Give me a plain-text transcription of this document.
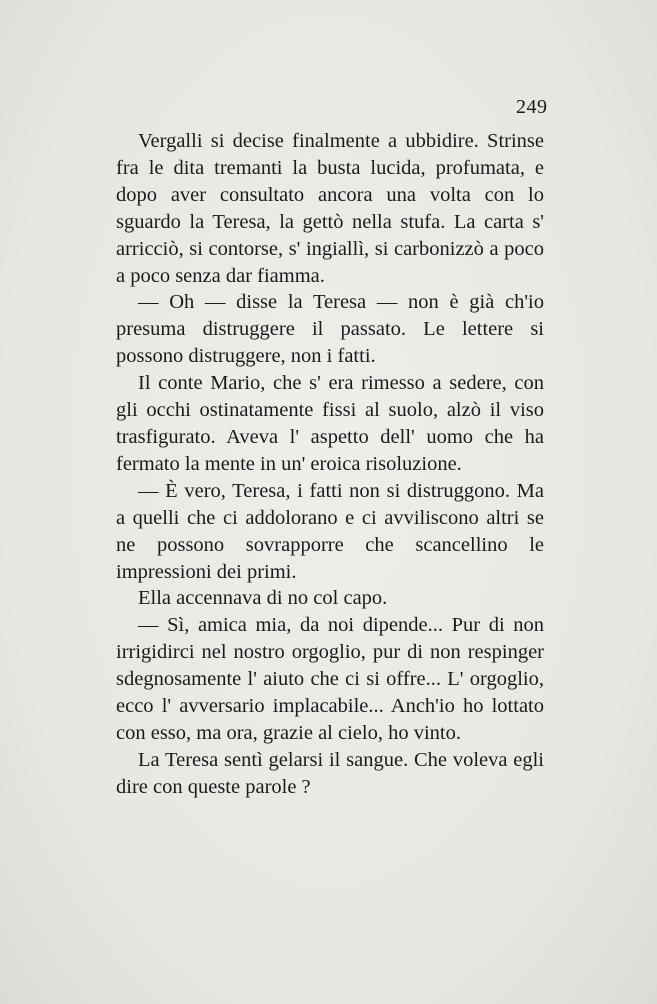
249

Vergalli si decise finalmente a ubbidire. Strinse fra le dita tremanti la busta lucida, profumata, e dopo aver consultato ancora una volta con lo sguardo la Teresa, la gettò nella stufa. La carta s' arricciò, si contorse, s' ingiallì, si carbonizzò a poco a poco senza dar fiamma.

— Oh — disse la Teresa — non è già ch'io presuma distruggere il passato. Le lettere si possono distruggere, non i fatti.

Il conte Mario, che s' era rimesso a sedere, con gli occhi ostinatamente fissi al suolo, alzò il viso trasfigurato. Aveva l' aspetto dell' uomo che ha fermato la mente in un' eroica risoluzione.

— È vero, Teresa, i fatti non si distruggono. Ma a quelli che ci addolorano e ci avviliscono altri se ne possono sovrapporre che scancellino le impressioni dei primi.

Ella accennava di no col capo.

— Sì, amica mia, da noi dipende... Pur di non irrigidirci nel nostro orgoglio, pur di non respinger sdegnosamente l' aiuto che ci si offre... L' orgoglio, ecco l' avversario implacabile... Anch'io ho lottato con esso, ma ora, grazie al cielo, ho vinto.

La Teresa sentì gelarsi il sangue. Che voleva egli dire con queste parole ?
